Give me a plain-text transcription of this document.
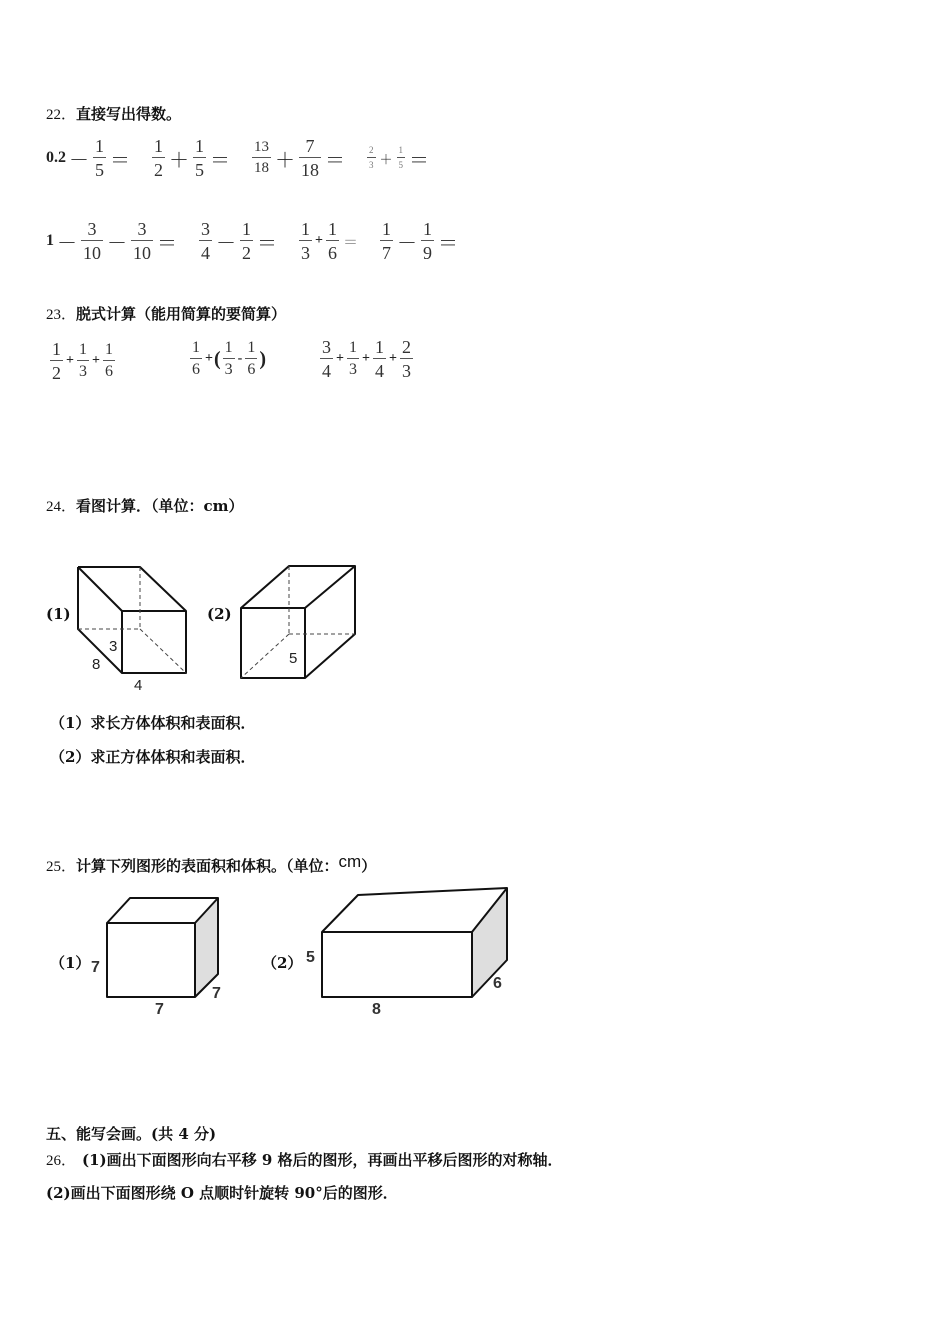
22．直接写出得数。
$0.2 - \frac{1}{5} = \frac{1}{2} + \frac{1}{5} = \frac{13}{18} + \frac{7}{18} = \frac{2}{3} + \frac{1}{5}$ ＝
$1 - \frac{3}{10} - \frac{3}{10} = \frac{3}{4} - \frac{1}{2} = \frac{1}{3} + \frac{1}{6} = \frac{1}{7} - \frac{1}{9}$ ＝
23．脱式计算（能用简算的要简算）
$\frac{1}{2} + \frac{1}{3} + \frac{1}{6}$	$\frac{1}{6}$ + ( $\frac{1}{3} - \frac{1}{6}$ )	$\frac{3}{4} + \frac{1}{3} + \frac{1}{4} + \frac{2}{3}$
24．看图计算．（单位：cm）
(1)	(2)
3
8
4
5
（1）求长方体体积和表面积．
（2）求正方体体积和表面积．
25．计算下列图形的表面积和体积。（单位：cm）
（1）	（2）
7
7
7
5
8
6
五、能写会画。(共 4 分)
26． (1)画出下面图形向右平移 9 格后的图形，再画出平移后图形的对称轴．
(2)画出下面图形绕 O 点顺时针旋转 90°后的图形．
